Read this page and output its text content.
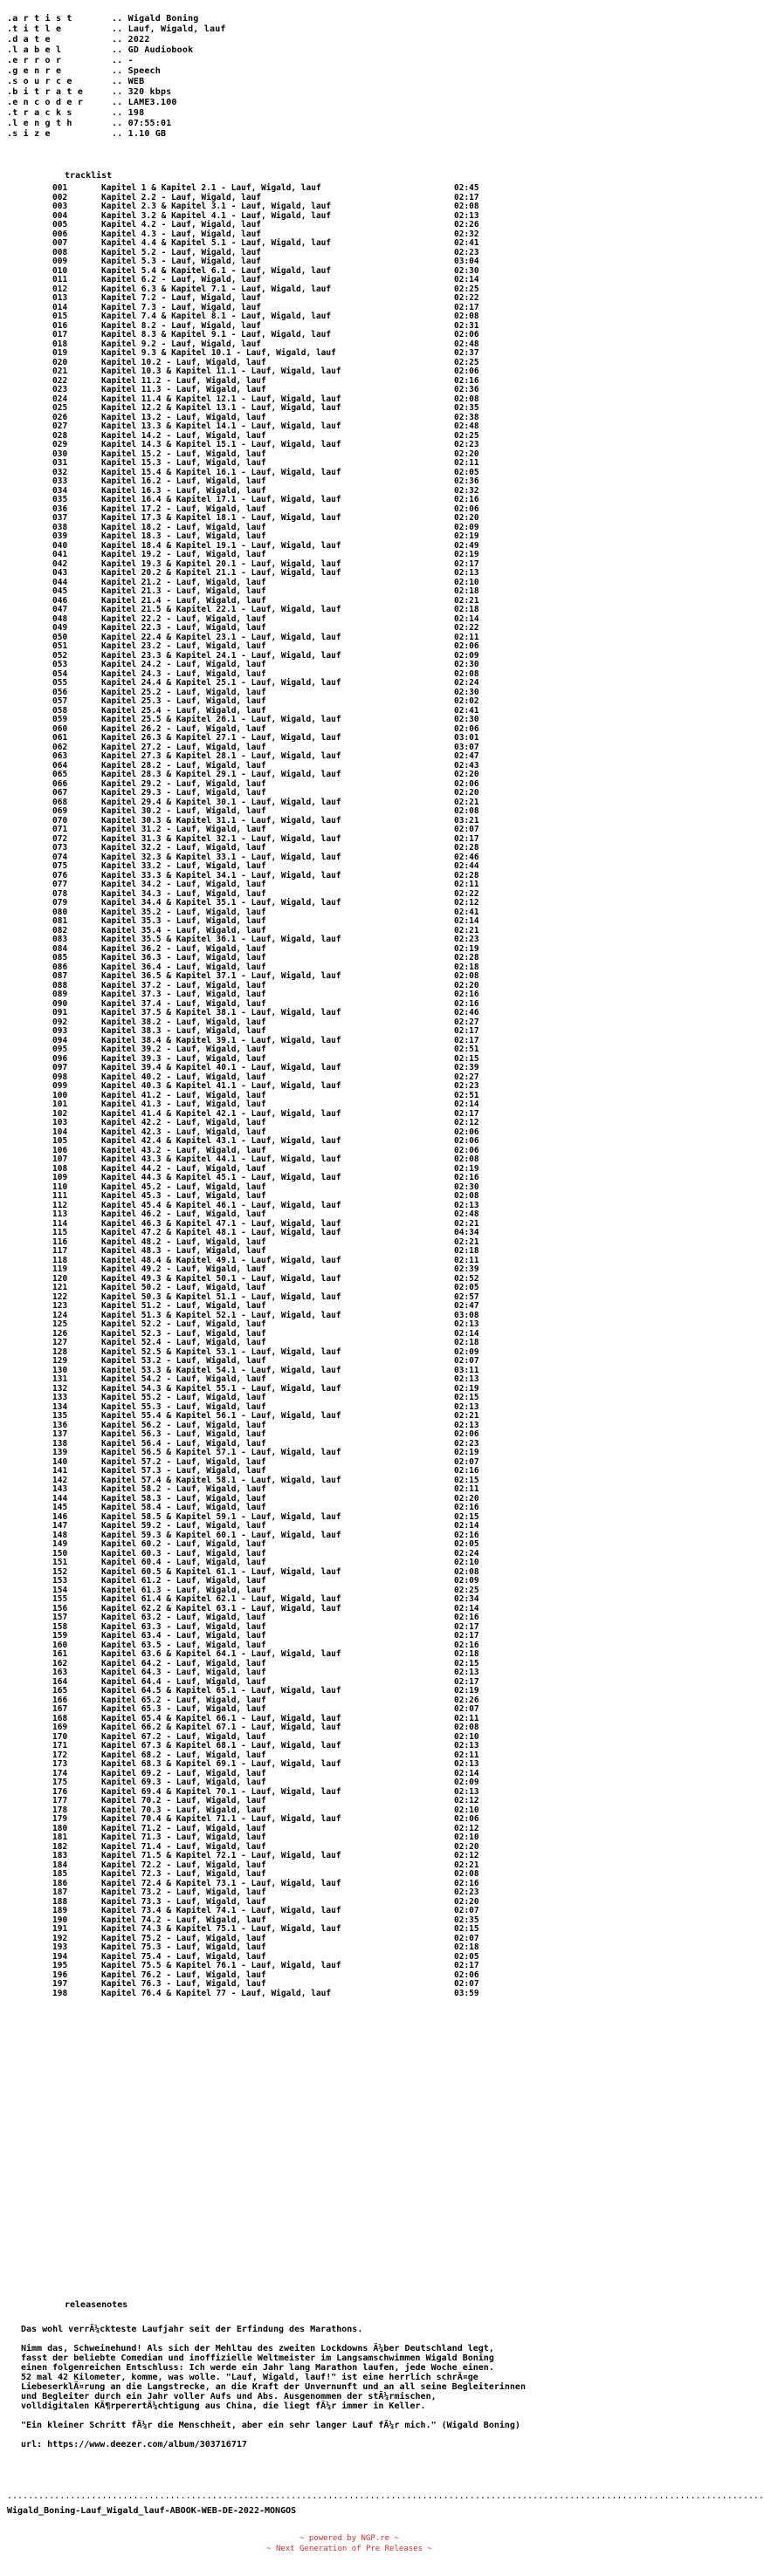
.a r t i s t	.. Wigald Boning
.t i t l e	.. Lauf, Wigald, lauf
.d a t e	.. 2022
.l a b e l	.. GD Audiobook
.e r r o r	.. -
.g e n r e	.. Speech
.s o u r c e	.. WEB
.b i t r a t e	.. 320 kbps
.e n c o d e r	.. LAME3.100
.t r a c k s	.. 198
.l e n g t h	.. 07:55:01
.s i z e	.. 1.10 GB
tracklist
001	Kapitel 1 & Kapitel 2.1 - Lauf, Wigald, lauf	02:45
002	Kapitel 2.2 - Lauf, Wigald, lauf	02:17
003	Kapitel 2.3 & Kapitel 3.1 - Lauf, Wigald, lauf	02:08
004	Kapitel 3.2 & Kapitel 4.1 - Lauf, Wigald, lauf	02:13
005	Kapitel 4.2 - Lauf, Wigald, lauf	02:26
006	Kapitel 4.3 - Lauf, Wigald, lauf	02:32
007	Kapitel 4.4 & Kapitel 5.1 - Lauf, Wigald, lauf	02:41
008	Kapitel 5.2 - Lauf, Wigald, lauf	02:23
009	Kapitel 5.3 - Lauf, Wigald, lauf	03:04
010	Kapitel 5.4 & Kapitel 6.1 - Lauf, Wigald, lauf	02:30
011	Kapitel 6.2 - Lauf, Wigald, lauf	02:14
012	Kapitel 6.3 & Kapitel 7.1 - Lauf, Wigald, lauf	02:25
013	Kapitel 7.2 - Lauf, Wigald, lauf	02:22
014	Kapitel 7.3 - Lauf, Wigald, lauf	02:17
015	Kapitel 7.4 & Kapitel 8.1 - Lauf, Wigald, lauf	02:08
016	Kapitel 8.2 - Lauf, Wigald, lauf	02:31
017	Kapitel 8.3 & Kapitel 9.1 - Lauf, Wigald, lauf	02:06
018	Kapitel 9.2 - Lauf, Wigald, lauf	02:48
019	Kapitel 9.3 & Kapitel 10.1 - Lauf, Wigald, lauf	02:37
020	Kapitel 10.2 - Lauf, Wigald, lauf	02:25
021	Kapitel 10.3 & Kapitel 11.1 - Lauf, Wigald, lauf	02:06
022	Kapitel 11.2 - Lauf, Wigald, lauf	02:16
023	Kapitel 11.3 - Lauf, Wigald, lauf	02:36
024	Kapitel 11.4 & Kapitel 12.1 - Lauf, Wigald, lauf	02:08
025	Kapitel 12.2 & Kapitel 13.1 - Lauf, Wigald, lauf	02:35
026	Kapitel 13.2 - Lauf, Wigald, lauf	02:38
027	Kapitel 13.3 & Kapitel 14.1 - Lauf, Wigald, lauf	02:48
028	Kapitel 14.2 - Lauf, Wigald, lauf	02:25
029	Kapitel 14.3 & Kapitel 15.1 - Lauf, Wigald, lauf	02:23
030	Kapitel 15.2 - Lauf, Wigald, lauf	02:20
031	Kapitel 15.3 - Lauf, Wigald, lauf	02:11
032	Kapitel 15.4 & Kapitel 16.1 - Lauf, Wigald, lauf	02:05
033	Kapitel 16.2 - Lauf, Wigald, lauf	02:36
034	Kapitel 16.3 - Lauf, Wigald, lauf	02:32
035	Kapitel 16.4 & Kapitel 17.1 - Lauf, Wigald, lauf	02:16
036	Kapitel 17.2 - Lauf, Wigald, lauf	02:06
037	Kapitel 17.3 & Kapitel 18.1 - Lauf, Wigald, lauf	02:20
038	Kapitel 18.2 - Lauf, Wigald, lauf	02:09
039	Kapitel 18.3 - Lauf, Wigald, lauf	02:19
040	Kapitel 18.4 & Kapitel 19.1 - Lauf, Wigald, lauf	02:49
041	Kapitel 19.2 - Lauf, Wigald, lauf	02:19
042	Kapitel 19.3 & Kapitel 20.1 - Lauf, Wigald, lauf	02:17
043	Kapitel 20.2 & Kapitel 21.1 - Lauf, Wigald, lauf	02:13
044	Kapitel 21.2 - Lauf, Wigald, lauf	02:10
045	Kapitel 21.3 - Lauf, Wigald, lauf	02:18
046	Kapitel 21.4 - Lauf, Wigald, lauf	02:21
047	Kapitel 21.5 & Kapitel 22.1 - Lauf, Wigald, lauf	02:18
048	Kapitel 22.2 - Lauf, Wigald, lauf	02:14
049	Kapitel 22.3 - Lauf, Wigald, lauf	02:22
050	Kapitel 22.4 & Kapitel 23.1 - Lauf, Wigald, lauf	02:11
051	Kapitel 23.2 - Lauf, Wigald, lauf	02:06
052	Kapitel 23.3 & Kapitel 24.1 - Lauf, Wigald, lauf	02:09
053	Kapitel 24.2 - Lauf, Wigald, lauf	02:30
054	Kapitel 24.3 - Lauf, Wigald, lauf	02:08
055	Kapitel 24.4 & Kapitel 25.1 - Lauf, Wigald, lauf	02:24
056	Kapitel 25.2 - Lauf, Wigald, lauf	02:30
057	Kapitel 25.3 - Lauf, Wigald, lauf	02:02
058	Kapitel 25.4 - Lauf, Wigald, lauf	02:41
059	Kapitel 25.5 & Kapitel 26.1 - Lauf, Wigald, lauf	02:30
060	Kapitel 26.2 - Lauf, Wigald, lauf	02:06
061	Kapitel 26.3 & Kapitel 27.1 - Lauf, Wigald, lauf	03:01
062	Kapitel 27.2 - Lauf, Wigald, lauf	03:07
063	Kapitel 27.3 & Kapitel 28.1 - Lauf, Wigald, lauf	02:47
064	Kapitel 28.2 - Lauf, Wigald, lauf	02:43
065	Kapitel 28.3 & Kapitel 29.1 - Lauf, Wigald, lauf	02:20
066	Kapitel 29.2 - Lauf, Wigald, lauf	02:06
067	Kapitel 29.3 - Lauf, Wigald, lauf	02:20
068	Kapitel 29.4 & Kapitel 30.1 - Lauf, Wigald, lauf	02:21
069	Kapitel 30.2 - Lauf, Wigald, lauf	02:08
070	Kapitel 30.3 & Kapitel 31.1 - Lauf, Wigald, lauf	03:21
071	Kapitel 31.2 - Lauf, Wigald, lauf	02:07
072	Kapitel 31.3 & Kapitel 32.1 - Lauf, Wigald, lauf	02:17
073	Kapitel 32.2 - Lauf, Wigald, lauf	02:28
074	Kapitel 32.3 & Kapitel 33.1 - Lauf, Wigald, lauf	02:46
075	Kapitel 33.2 - Lauf, Wigald, lauf	02:44
076	Kapitel 33.3 & Kapitel 34.1 - Lauf, Wigald, lauf	02:28
077	Kapitel 34.2 - Lauf, Wigald, lauf	02:11
078	Kapitel 34.3 - Lauf, Wigald, lauf	02:22
079	Kapitel 34.4 & Kapitel 35.1 - Lauf, Wigald, lauf	02:12
080	Kapitel 35.2 - Lauf, Wigald, lauf	02:41
081	Kapitel 35.3 - Lauf, Wigald, lauf	02:14
082	Kapitel 35.4 - Lauf, Wigald, lauf	02:21
083	Kapitel 35.5 & Kapitel 36.1 - Lauf, Wigald, lauf	02:23
084	Kapitel 36.2 - Lauf, Wigald, lauf	02:19
085	Kapitel 36.3 - Lauf, Wigald, lauf	02:28
086	Kapitel 36.4 - Lauf, Wigald, lauf	02:18
087	Kapitel 36.5 & Kapitel 37.1 - Lauf, Wigald, lauf	02:08
088	Kapitel 37.2 - Lauf, Wigald, lauf	02:20
089	Kapitel 37.3 - Lauf, Wigald, lauf	02:16
090	Kapitel 37.4 - Lauf, Wigald, lauf	02:16
091	Kapitel 37.5 & Kapitel 38.1 - Lauf, Wigald, lauf	02:46
092	Kapitel 38.2 - Lauf, Wigald, lauf	02:27
093	Kapitel 38.3 - Lauf, Wigald, lauf	02:17
094	Kapitel 38.4 & Kapitel 39.1 - Lauf, Wigald, lauf	02:17
095	Kapitel 39.2 - Lauf, Wigald, lauf	02:51
096	Kapitel 39.3 - Lauf, Wigald, lauf	02:15
097	Kapitel 39.4 & Kapitel 40.1 - Lauf, Wigald, lauf	02:39
098	Kapitel 40.2 - Lauf, Wigald, lauf	02:27
099	Kapitel 40.3 & Kapitel 41.1 - Lauf, Wigald, lauf	02:23
100	Kapitel 41.2 - Lauf, Wigald, lauf	02:51
101	Kapitel 41.3 - Lauf, Wigald, lauf	02:14
102	Kapitel 41.4 & Kapitel 42.1 - Lauf, Wigald, lauf	02:17
103	Kapitel 42.2 - Lauf, Wigald, lauf	02:12
104	Kapitel 42.3 - Lauf, Wigald, lauf	02:06
105	Kapitel 42.4 & Kapitel 43.1 - Lauf, Wigald, lauf	02:06
106	Kapitel 43.2 - Lauf, Wigald, lauf	02:06
107	Kapitel 43.3 & Kapitel 44.1 - Lauf, Wigald, lauf	02:08
108	Kapitel 44.2 - Lauf, Wigald, lauf	02:19
109	Kapitel 44.3 & Kapitel 45.1 - Lauf, Wigald, lauf	02:16
110	Kapitel 45.2 - Lauf, Wigald, lauf	02:30
111	Kapitel 45.3 - Lauf, Wigald, lauf	02:08
112	Kapitel 45.4 & Kapitel 46.1 - Lauf, Wigald, lauf	02:13
113	Kapitel 46.2 - Lauf, Wigald, lauf	02:48
114	Kapitel 46.3 & Kapitel 47.1 - Lauf, Wigald, lauf	02:21
115	Kapitel 47.2 & Kapitel 48.1 - Lauf, Wigald, lauf	04:34
116	Kapitel 48.2 - Lauf, Wigald, lauf	02:21
117	Kapitel 48.3 - Lauf, Wigald, lauf	02:18
118	Kapitel 48.4 & Kapitel 49.1 - Lauf, Wigald, lauf	02:11
119	Kapitel 49.2 - Lauf, Wigald, lauf	02:39
120	Kapitel 49.3 & Kapitel 50.1 - Lauf, Wigald, lauf	02:52
121	Kapitel 50.2 - Lauf, Wigald, lauf	02:05
122	Kapitel 50.3 & Kapitel 51.1 - Lauf, Wigald, lauf	02:57
123	Kapitel 51.2 - Lauf, Wigald, lauf	02:47
124	Kapitel 51.3 & Kapitel 52.1 - Lauf, Wigald, lauf	03:08
125	Kapitel 52.2 - Lauf, Wigald, lauf	02:13
126	Kapitel 52.3 - Lauf, Wigald, lauf	02:14
127	Kapitel 52.4 - Lauf, Wigald, lauf	02:18
128	Kapitel 52.5 & Kapitel 53.1 - Lauf, Wigald, lauf	02:09
129	Kapitel 53.2 - Lauf, Wigald, lauf	02:07
130	Kapitel 53.3 & Kapitel 54.1 - Lauf, Wigald, lauf	03:11
131	Kapitel 54.2 - Lauf, Wigald, lauf	02:13
132	Kapitel 54.3 & Kapitel 55.1 - Lauf, Wigald, lauf	02:19
133	Kapitel 55.2 - Lauf, Wigald, lauf	02:15
134	Kapitel 55.3 - Lauf, Wigald, lauf	02:13
135	Kapitel 55.4 & Kapitel 56.1 - Lauf, Wigald, lauf	02:21
136	Kapitel 56.2 - Lauf, Wigald, lauf	02:13
137	Kapitel 56.3 - Lauf, Wigald, lauf	02:06
138	Kapitel 56.4 - Lauf, Wigald, lauf	02:23
139	Kapitel 56.5 & Kapitel 57.1 - Lauf, Wigald, lauf	02:19
140	Kapitel 57.2 - Lauf, Wigald, lauf	02:07
141	Kapitel 57.3 - Lauf, Wigald, lauf	02:16
142	Kapitel 57.4 & Kapitel 58.1 - Lauf, Wigald, lauf	02:15
143	Kapitel 58.2 - Lauf, Wigald, lauf	02:11
144	Kapitel 58.3 - Lauf, Wigald, lauf	02:20
145	Kapitel 58.4 - Lauf, Wigald, lauf	02:16
146	Kapitel 58.5 & Kapitel 59.1 - Lauf, Wigald, lauf	02:15
147	Kapitel 59.2 - Lauf, Wigald, lauf	02:14
148	Kapitel 59.3 & Kapitel 60.1 - Lauf, Wigald, lauf	02:16
149	Kapitel 60.2 - Lauf, Wigald, lauf	02:05
150	Kapitel 60.3 - Lauf, Wigald, lauf	02:24
151	Kapitel 60.4 - Lauf, Wigald, lauf	02:10
152	Kapitel 60.5 & Kapitel 61.1 - Lauf, Wigald, lauf	02:08
153	Kapitel 61.2 - Lauf, Wigald, lauf	02:09
154	Kapitel 61.3 - Lauf, Wigald, lauf	02:25
155	Kapitel 61.4 & Kapitel 62.1 - Lauf, Wigald, lauf	02:34
156	Kapitel 62.2 & Kapitel 63.1 - Lauf, Wigald, lauf	02:14
157	Kapitel 63.2 - Lauf, Wigald, lauf	02:16
158	Kapitel 63.3 - Lauf, Wigald, lauf	02:17
159	Kapitel 63.4 - Lauf, Wigald, lauf	02:17
160	Kapitel 63.5 - Lauf, Wigald, lauf	02:16
161	Kapitel 63.6 & Kapitel 64.1 - Lauf, Wigald, lauf	02:18
162	Kapitel 64.2 - Lauf, Wigald, lauf	02:15
163	Kapitel 64.3 - Lauf, Wigald, lauf	02:13
164	Kapitel 64.4 - Lauf, Wigald, lauf	02:17
165	Kapitel 64.5 & Kapitel 65.1 - Lauf, Wigald, lauf	02:19
166	Kapitel 65.2 - Lauf, Wigald, lauf	02:26
167	Kapitel 65.3 - Lauf, Wigald, lauf	02:07
168	Kapitel 65.4 & Kapitel 66.1 - Lauf, Wigald, lauf	02:11
169	Kapitel 66.2 & Kapitel 67.1 - Lauf, Wigald, lauf	02:08
170	Kapitel 67.2 - Lauf, Wigald, lauf	02:10
171	Kapitel 67.3 & Kapitel 68.1 - Lauf, Wigald, lauf	02:13
172	Kapitel 68.2 - Lauf, Wigald, lauf	02:11
173	Kapitel 68.3 & Kapitel 69.1 - Lauf, Wigald, lauf	02:13
174	Kapitel 69.2 - Lauf, Wigald, lauf	02:14
175	Kapitel 69.3 - Lauf, Wigald, lauf	02:09
176	Kapitel 69.4 & Kapitel 70.1 - Lauf, Wigald, lauf	02:13
177	Kapitel 70.2 - Lauf, Wigald, lauf	02:12
178	Kapitel 70.3 - Lauf, Wigald, lauf	02:10
179	Kapitel 70.4 & Kapitel 71.1 - Lauf, Wigald, lauf	02:06
180	Kapitel 71.2 - Lauf, Wigald, lauf	02:12
181	Kapitel 71.3 - Lauf, Wigald, lauf	02:10
182	Kapitel 71.4 - Lauf, Wigald, lauf	02:20
183	Kapitel 71.5 & Kapitel 72.1 - Lauf, Wigald, lauf	02:12
184	Kapitel 72.2 - Lauf, Wigald, lauf	02:21
185	Kapitel 72.3 - Lauf, Wigald, lauf	02:08
186	Kapitel 72.4 & Kapitel 73.1 - Lauf, Wigald, lauf	02:16
187	Kapitel 73.2 - Lauf, Wigald, lauf	02:23
188	Kapitel 73.3 - Lauf, Wigald, lauf	02:20
189	Kapitel 73.4 & Kapitel 74.1 - Lauf, Wigald, lauf	02:07
190	Kapitel 74.2 - Lauf, Wigald, lauf	02:35
191	Kapitel 74.3 & Kapitel 75.1 - Lauf, Wigald, lauf	02:15
192	Kapitel 75.2 - Lauf, Wigald, lauf	02:07
193	Kapitel 75.3 - Lauf, Wigald, lauf	02:18
194	Kapitel 75.4 - Lauf, Wigald, lauf	02:05
195	Kapitel 75.5 & Kapitel 76.1 - Lauf, Wigald, lauf	02:17
196	Kapitel 76.2 - Lauf, Wigald, lauf	02:06
197	Kapitel 76.3 - Lauf, Wigald, lauf	02:07
198	Kapitel 76.4 & Kapitel 77 - Lauf, Wigald, lauf	03:59
releasenotes

Das wohl verrÃ¼ckteste Laufjahr seit der Erfindung des Marathons.

Nimm das, Schweinehund! Als sich der Mehltau des zweiten Lockdowns Ã¼ber Deutschland legt,
fasst der beliebte Comedian und inoffizielle Weltmeister im Langsamschwimmen Wigald Boning
einen folgenreichen Entschluss: Ich werde ein Jahr lang Marathon laufen, jede Woche einen.
52 mal 42 Kilometer, komme, was wolle. "Lauf, Wigald, lauf!" ist eine herrlich schrÃ¤ge
LiebeserklÃ¤rung an die Langstrecke, an die Kraft der Unvernunft und an all seine Begleiterinnen
und Begleiter durch ein Jahr voller Aufs und Abs. Ausgenommen der stÃ¼rmischen,
volldigitalen KÃ¶rperertÃ¼chtigung aus China, die liegt fÃ¼r immer in Keller.

"Ein kleiner Schritt fÃ¼r die Menschheit, aber ein sehr langer Lauf fÃ¼r mich." (Wigald Boning)

url: https://www.deezer.com/album/303716717

................................................................................................................................................
Wigald_Boning-Lauf_Wigald_lauf-ABOOK-WEB-DE-2022-MONGOS
~ powered by NGP.re ~
~ Next Generation of Pre Releases ~
